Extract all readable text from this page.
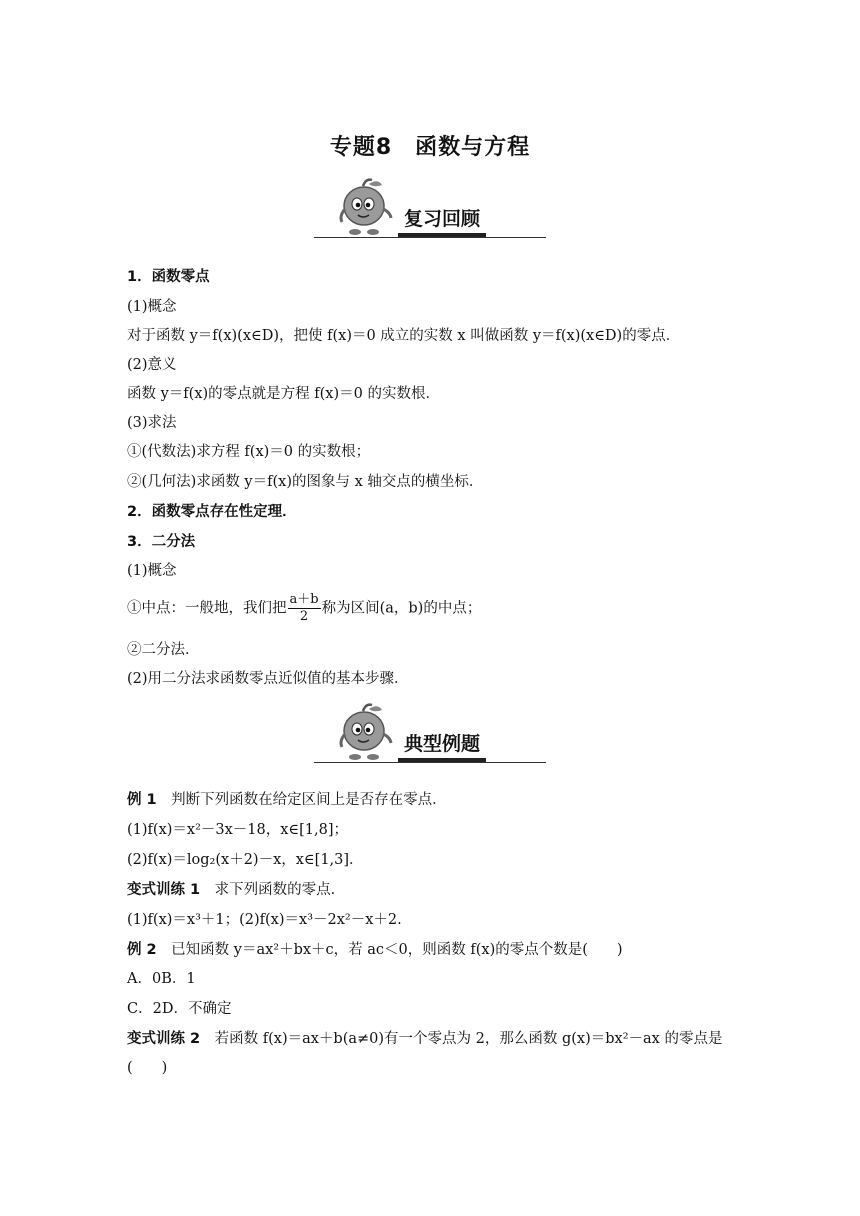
专题8　函数与方程
复习回顾
1．函数零点
(1)概念
对于函数 y＝f(x)(x∈D)，把使 f(x)＝0 成立的实数 x 叫做函数 y＝f(x)(x∈D)的零点．
(2)意义
函数 y＝f(x)的零点就是方程 f(x)＝0 的实数根．
(3)求法
①(代数法)求方程 f(x)＝0 的实数根；
②(几何法)求函数 y＝f(x)的图象与 x 轴交点的横坐标．
2．函数零点存在性定理．
3．二分法
(1)概念
①中点：一般地，我们把 $\frac{a+b}{2}$ 称为区间(a，b)的中点；
②二分法．
(2)用二分法求函数零点近似值的基本步骤．
典型例题
例 1　判断下列函数在给定区间上是否存在零点．
(1)f(x)＝x²－3x－18，x∈[1,8]；
(2)f(x)＝log₂(x＋2)－x，x∈[1,3]．
变式训练 1　求下列函数的零点．
(1)f(x)＝x³＋1；(2)f(x)＝x³－2x²－x＋2.
例 2　已知函数 y＝ax²＋bx＋c，若 ac＜0，则函数 f(x)的零点个数是(　　)
A．0B．1
C．2D．不确定
变式训练 2　若函数 f(x)＝ax＋b(a≠0)有一个零点为 2，那么函数 g(x)＝bx²－ax 的零点是
(　　)
